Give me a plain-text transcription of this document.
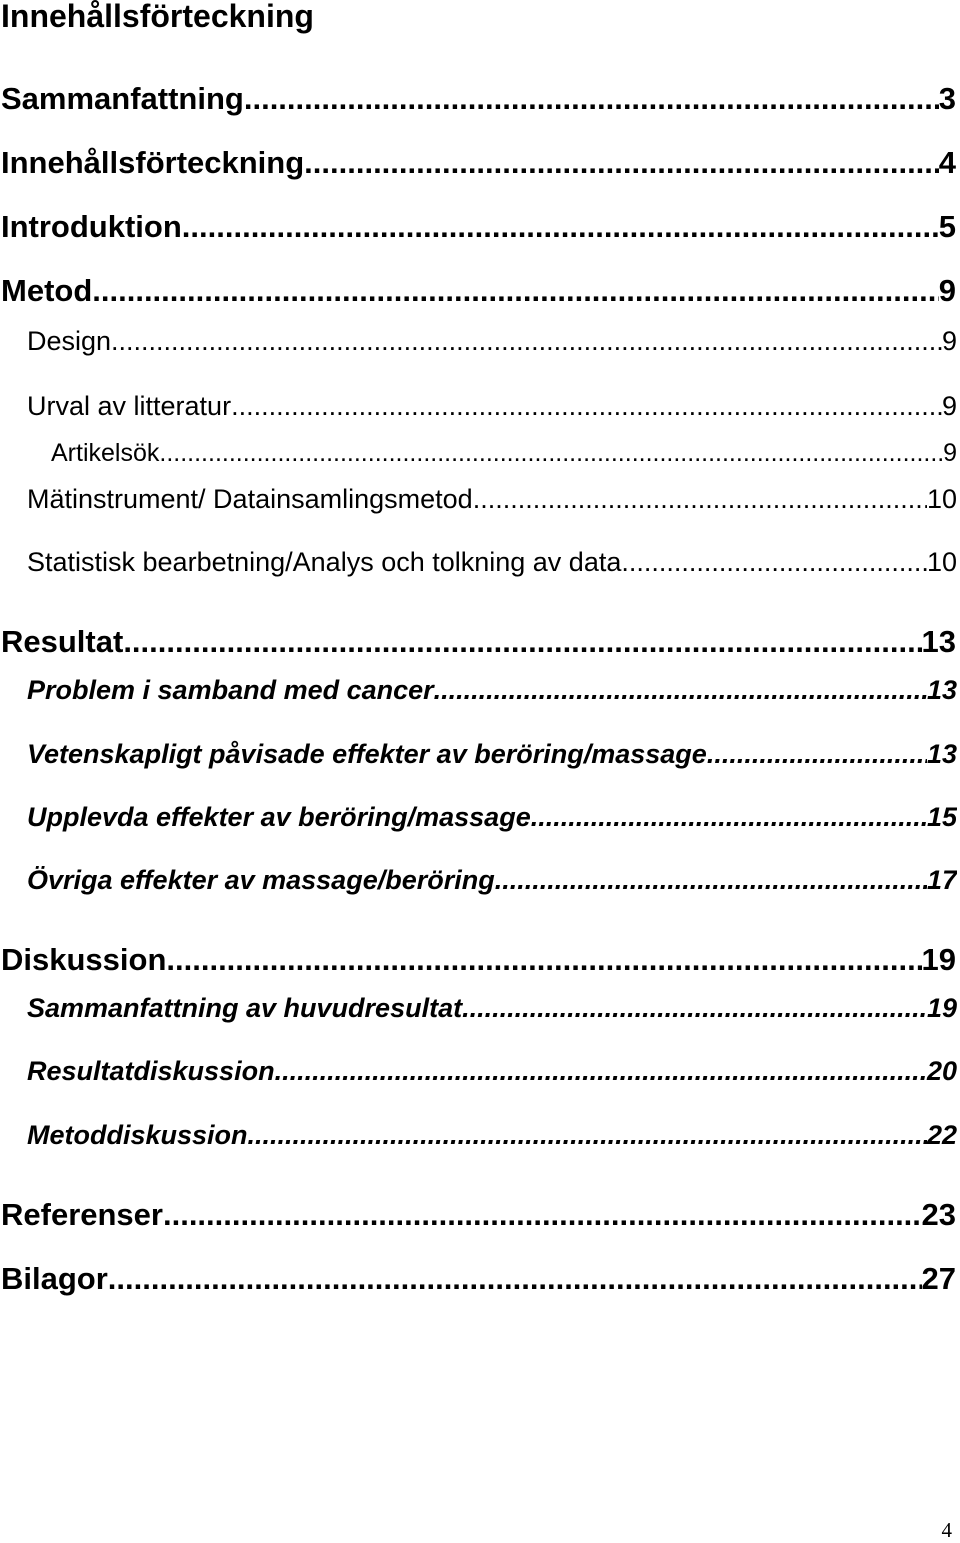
Innehållsförteckning
Sammanfattning .....	3
Innehållsförteckning .....	4
Introduktion .....	5
Metod .....	9
Design .....	9
Urval av litteratur .....	9
Artikelsök .....	9
Mätinstrument/ Datainsamlingsmetod .....	10
Statistisk bearbetning/Analys och tolkning av data .....	10
Resultat .....	13
Problem i samband med cancer .....	13
Vetenskapligt påvisade effekter av beröring/massage .....	13
Upplevda effekter av beröring/massage .....	15
Övriga effekter av massage/beröring .....	17
Diskussion .....	19
Sammanfattning av huvudresultat .....	19
Resultatdiskussion .....	20
Metoddiskussion .....	22
Referenser .....	23
Bilagor .....	27
4
